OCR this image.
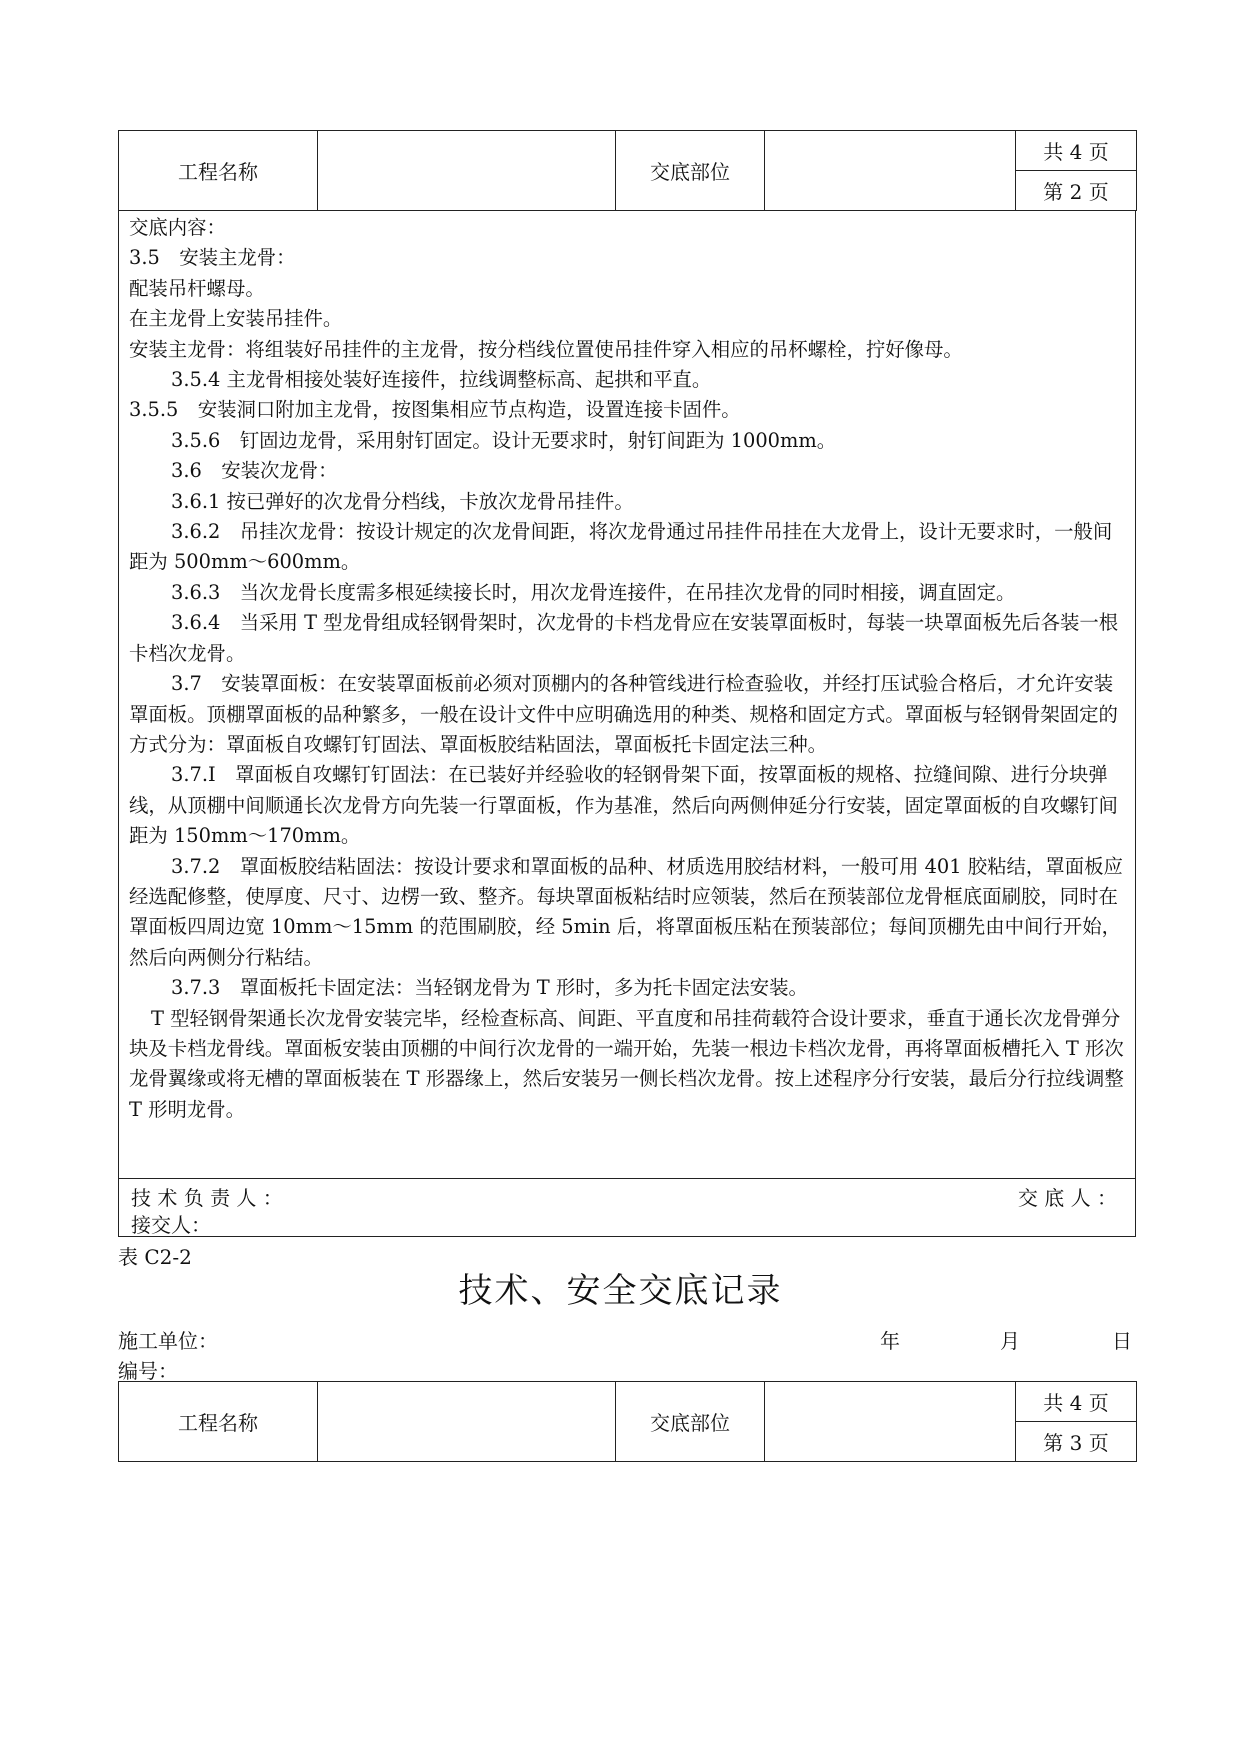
工程名称		交底部位		共 4 页
第 2 页

交底内容：

3.5　安装主龙骨：

配装吊杆螺母。

在主龙骨上安装吊挂件。

安装主龙骨：将组装好吊挂件的主龙骨，按分档线位置使吊挂件穿入相应的吊杯螺栓，拧好像母。

3.5.4 主龙骨相接处装好连接件，拉线调整标高、起拱和平直。

3.5.5　安装洞口附加主龙骨，按图集相应节点构造，设置连接卡固件。

3.5.6　钉固边龙骨，采用射钉固定。设计无要求时，射钉间距为 1000mm。

3.6　安装次龙骨：

3.6.1 按已弹好的次龙骨分档线，卡放次龙骨吊挂件。

3.6.2　吊挂次龙骨：按设计规定的次龙骨间距，将次龙骨通过吊挂件吊挂在大龙骨上，设计无要求时，一般间距为 500mm～600mm。

3.6.3　当次龙骨长度需多根延续接长时，用次龙骨连接件，在吊挂次龙骨的同时相接，调直固定。

3.6.4　当采用 T 型龙骨组成轻钢骨架时，次龙骨的卡档龙骨应在安装罩面板时，每装一块罩面板先后各装一根卡档次龙骨。

3.7　安装罩面板：在安装罩面板前必须对顶棚内的各种管线进行检查验收，并经打压试验合格后，才允许安装罩面板。顶棚罩面板的品种繁多，一般在设计文件中应明确选用的种类、规格和固定方式。罩面板与轻钢骨架固定的方式分为：罩面板自攻螺钉钉固法、罩面板胶结粘固法，罩面板托卡固定法三种。

3.7.Ⅰ　罩面板自攻螺钉钉固法：在已装好并经验收的轻钢骨架下面，按罩面板的规格、拉缝间隙、进行分块弹线，从顶棚中间顺通长次龙骨方向先装一行罩面板，作为基准，然后向两侧伸延分行安装，固定罩面板的自攻螺钉间距为 150mm～170mm。

3.7.2　罩面板胶结粘固法：按设计要求和罩面板的品种、材质选用胶结材料，一般可用 401 胶粘结，罩面板应经选配修整，使厚度、尺寸、边楞一致、整齐。每块罩面板粘结时应领装，然后在预装部位龙骨框底面刷胶，同时在罩面板四周边宽 10mm～15mm 的范围刷胶，经 5min 后，将罩面板压粘在预装部位；每间顶棚先由中间行开始，然后向两侧分行粘结。

3.7.3　罩面板托卡固定法：当轻钢龙骨为 T 形时，多为托卡固定法安装。

T 型轻钢骨架通长次龙骨安装完毕，经检查标高、间距、平直度和吊挂荷载符合设计要求，垂直于通长次龙骨弹分块及卡档龙骨线。罩面板安装由顶棚的中间行次龙骨的一端开始，先装一根边卡档次龙骨，再将罩面板槽托入 T 形次龙骨翼缘或将无槽的罩面板装在 T 形器缘上，然后安装另一侧长档次龙骨。按上述程序分行安装，最后分行拉线调整 T 形明龙骨。

技 术 负 责 人 ：	交 底 人 ：
接交人：
表 C2-2
技术、安全交底记录
施工单位：	年	月	日
编号：
工程名称		交底部位		共 4 页
第 3 页
